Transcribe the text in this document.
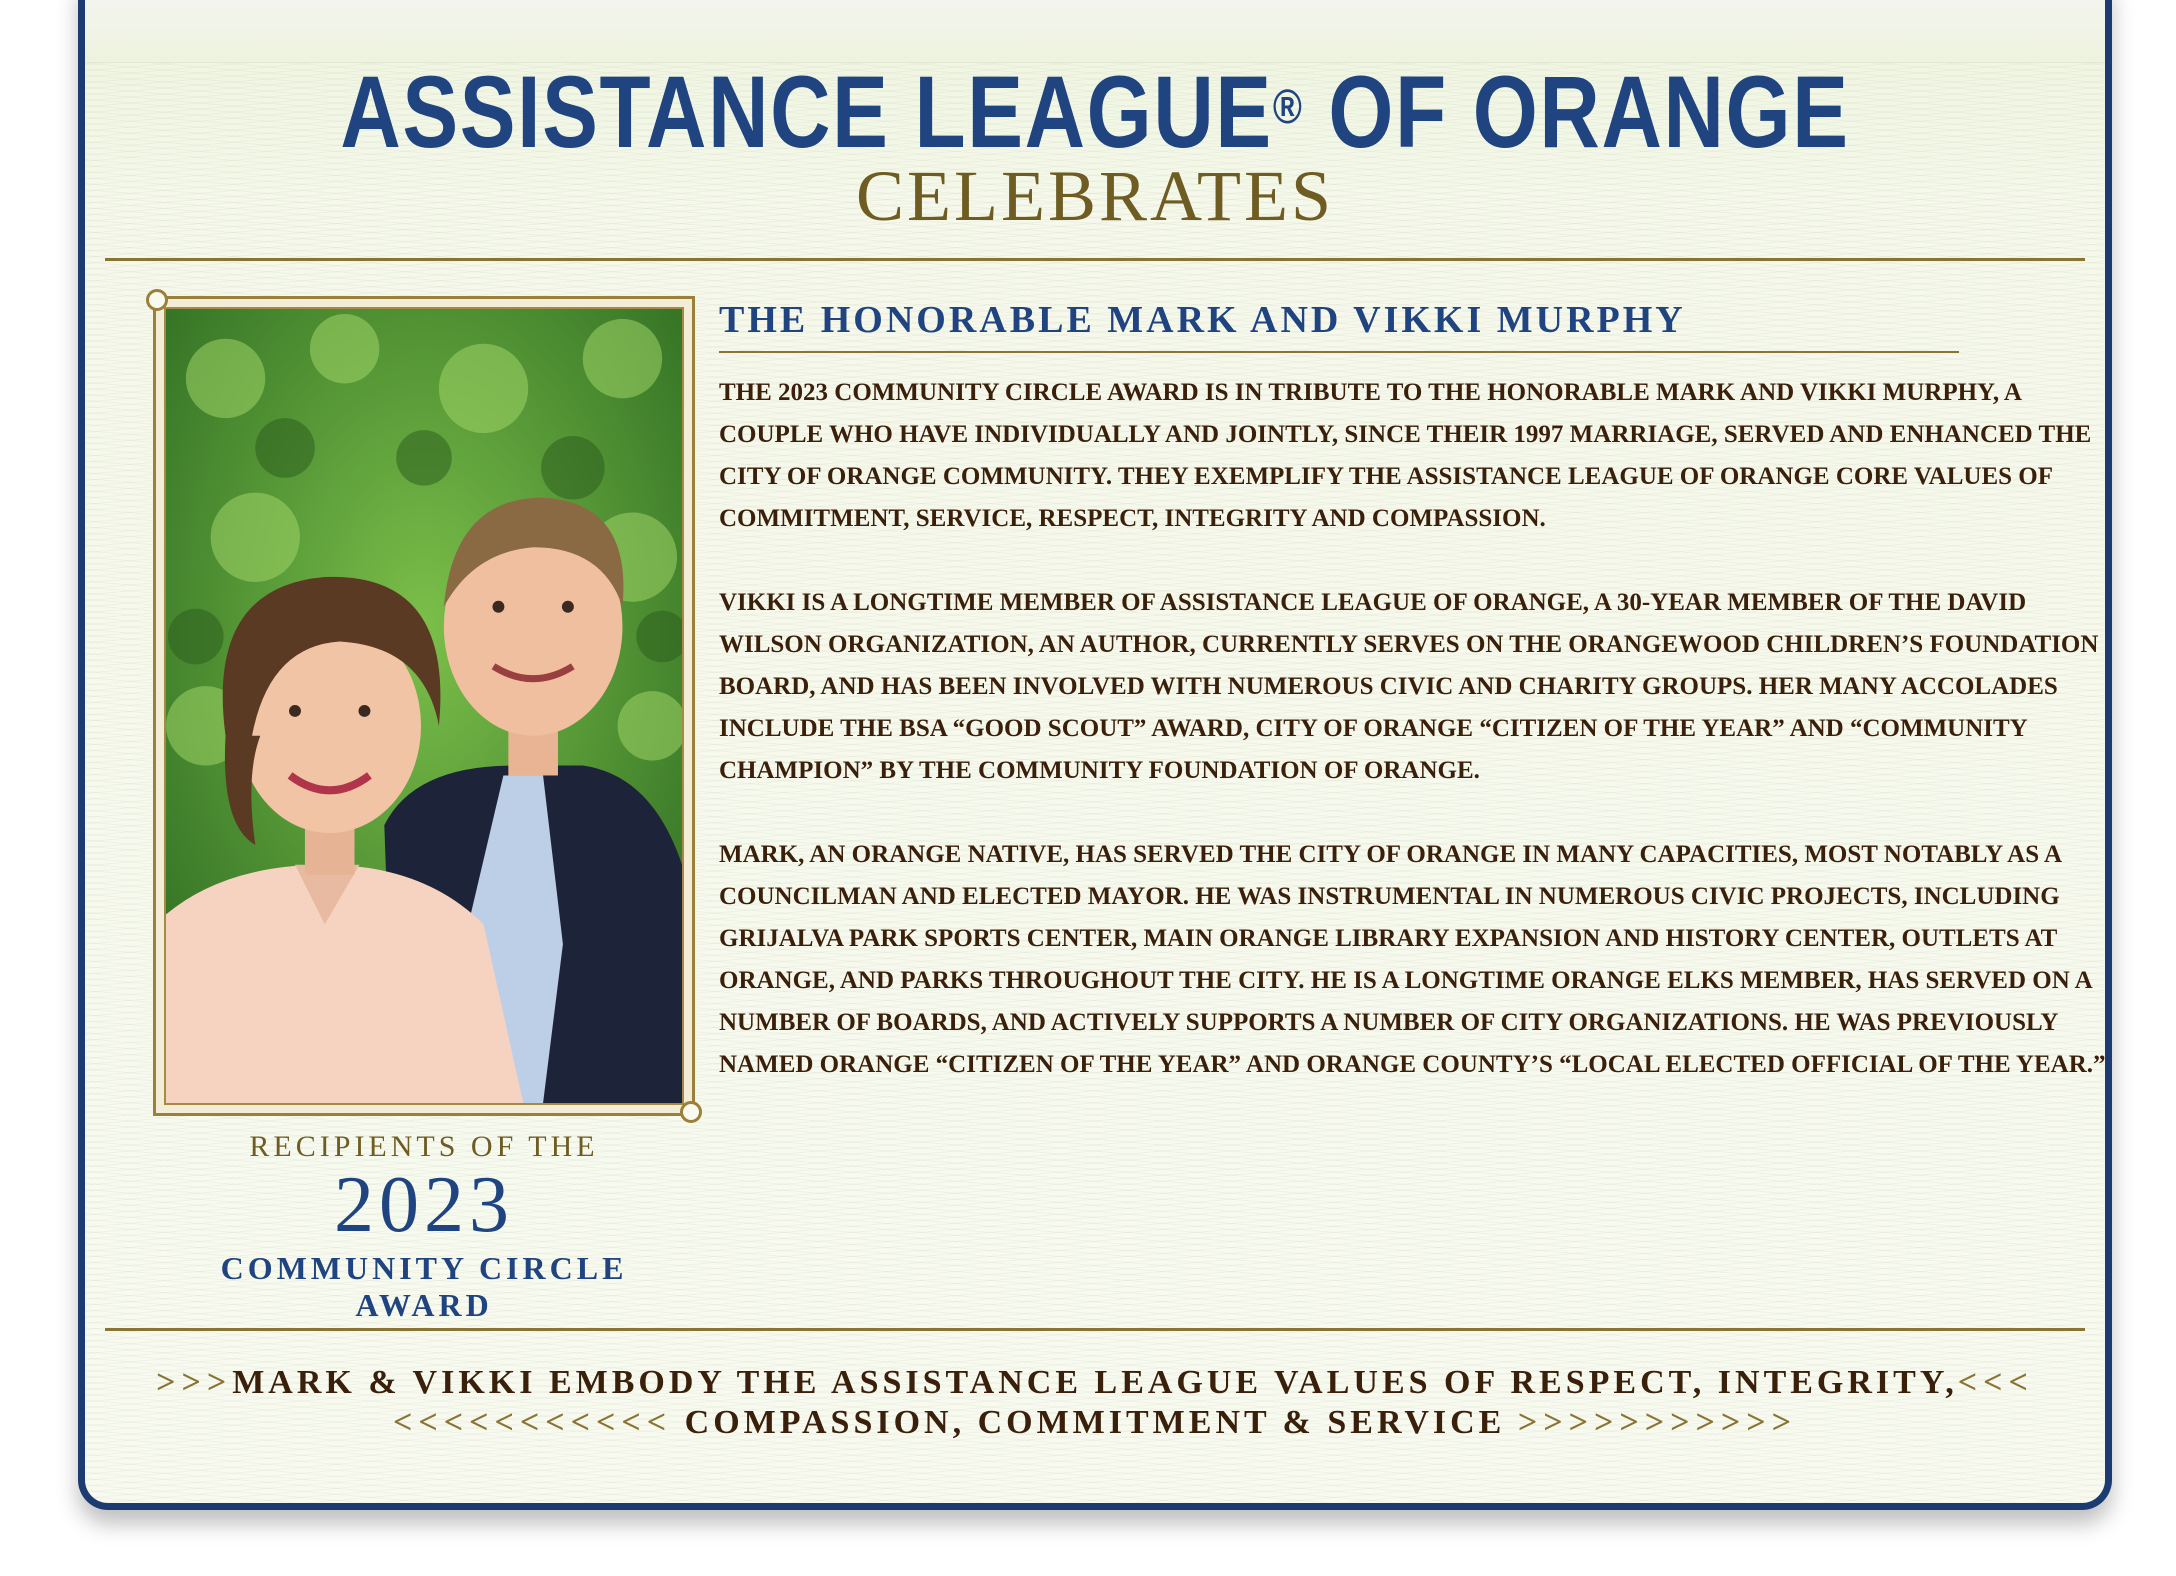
ASSISTANCE LEAGUE® OF ORANGE
CELEBRATES
RECIPIENTS OF THE
2023
COMMUNITY CIRCLE AWARD
THE HONORABLE MARK AND VIKKI MURPHY

THE 2023 COMMUNITY CIRCLE AWARD IS IN TRIBUTE TO THE HONORABLE MARK AND VIKKI MURPHY, A COUPLE WHO HAVE INDIVIDUALLY AND JOINTLY, SINCE THEIR 1997 MARRIAGE, SERVED AND ENHANCED THE CITY OF ORANGE COMMUNITY. THEY EXEMPLIFY THE ASSISTANCE LEAGUE OF ORANGE CORE VALUES OF COMMITMENT, SERVICE, RESPECT, INTEGRITY AND COMPASSION.

VIKKI IS A LONGTIME MEMBER OF ASSISTANCE LEAGUE OF ORANGE, A 30-YEAR MEMBER OF THE DAVID WILSON ORGANIZATION, AN AUTHOR, CURRENTLY SERVES ON THE ORANGEWOOD CHILDREN’S FOUNDATION BOARD, AND HAS BEEN INVOLVED WITH NUMEROUS CIVIC AND CHARITY GROUPS. HER MANY ACCOLADES INCLUDE THE BSA “GOOD SCOUT” AWARD, CITY OF ORANGE “CITIZEN OF THE YEAR” AND “COMMUNITY CHAMPION” BY THE COMMUNITY FOUNDATION OF ORANGE.

MARK, AN ORANGE NATIVE, HAS SERVED THE CITY OF ORANGE IN MANY CAPACITIES, MOST NOTABLY AS A COUNCILMAN AND ELECTED MAYOR. HE WAS INSTRUMENTAL IN NUMEROUS CIVIC PROJECTS, INCLUDING GRIJALVA PARK SPORTS CENTER, MAIN ORANGE LIBRARY EXPANSION AND HISTORY CENTER, OUTLETS AT ORANGE, AND PARKS THROUGHOUT THE CITY. HE IS A LONGTIME ORANGE ELKS MEMBER, HAS SERVED ON A NUMBER OF BOARDS, AND ACTIVELY SUPPORTS A NUMBER OF CITY ORGANIZATIONS. HE WAS PREVIOUSLY NAMED ORANGE “CITIZEN OF THE YEAR” AND ORANGE COUNTY’S “LOCAL ELECTED OFFICIAL OF THE YEAR.”

>>>MARK & VIKKI EMBODY THE ASSISTANCE LEAGUE VALUES OF RESPECT, INTEGRITY,<<<
<<<<<<<<<<< COMPASSION, COMMITMENT & SERVICE >>>>>>>>>>>
